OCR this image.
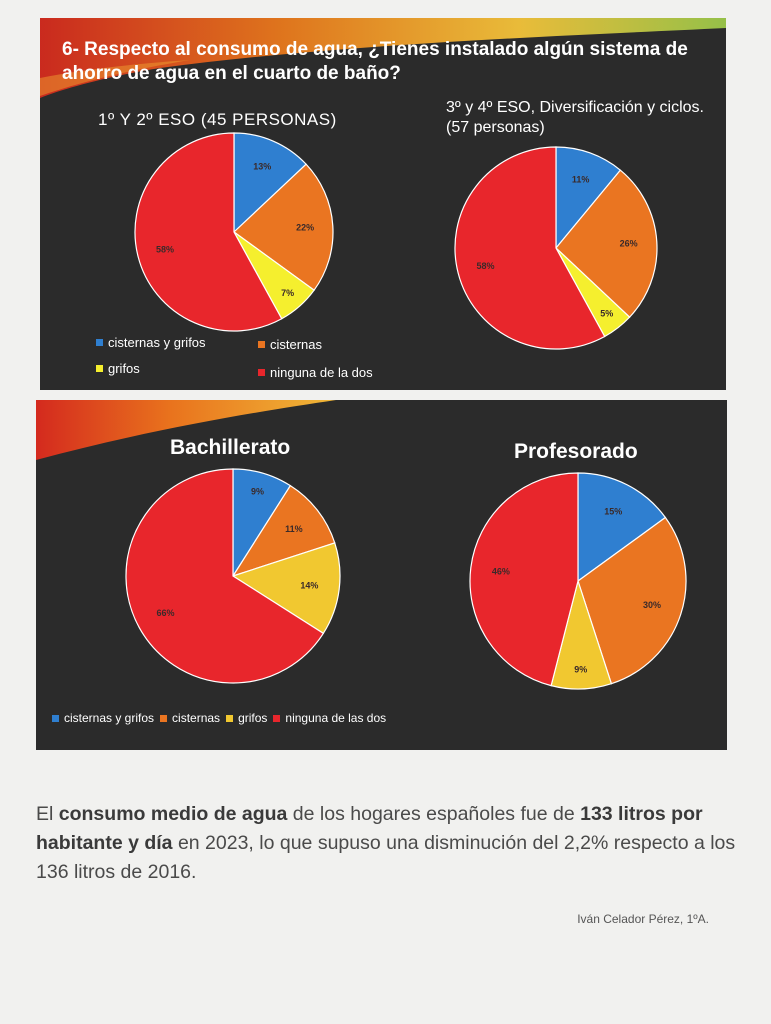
6- Respecto al consumo de agua, ¿Tienes instalado algún sistema de ahorro de agua en el cuarto de baño?

1º Y 2º ESO (45 PERSONAS)
3º y 4º ESO, Diversificación y ciclos. (57 personas)
13%
22%
7%
58%
11%
26%
5%
58%
cisternas y grifos	cisternas
grifos	ninguna de la dos
Bachillerato	Profesorado
9%
11%
14%
66%
15%
30%
9%
46%
cisternas y grifos cisternas grifos ninguna de las dos

El consumo medio de agua de los hogares españoles fue de 133 litros por habitante y día en 2023, lo que supuso una disminución del 2,2% respecto a los 136 litros de 2016.

Iván Celador Pérez, 1ºA.
